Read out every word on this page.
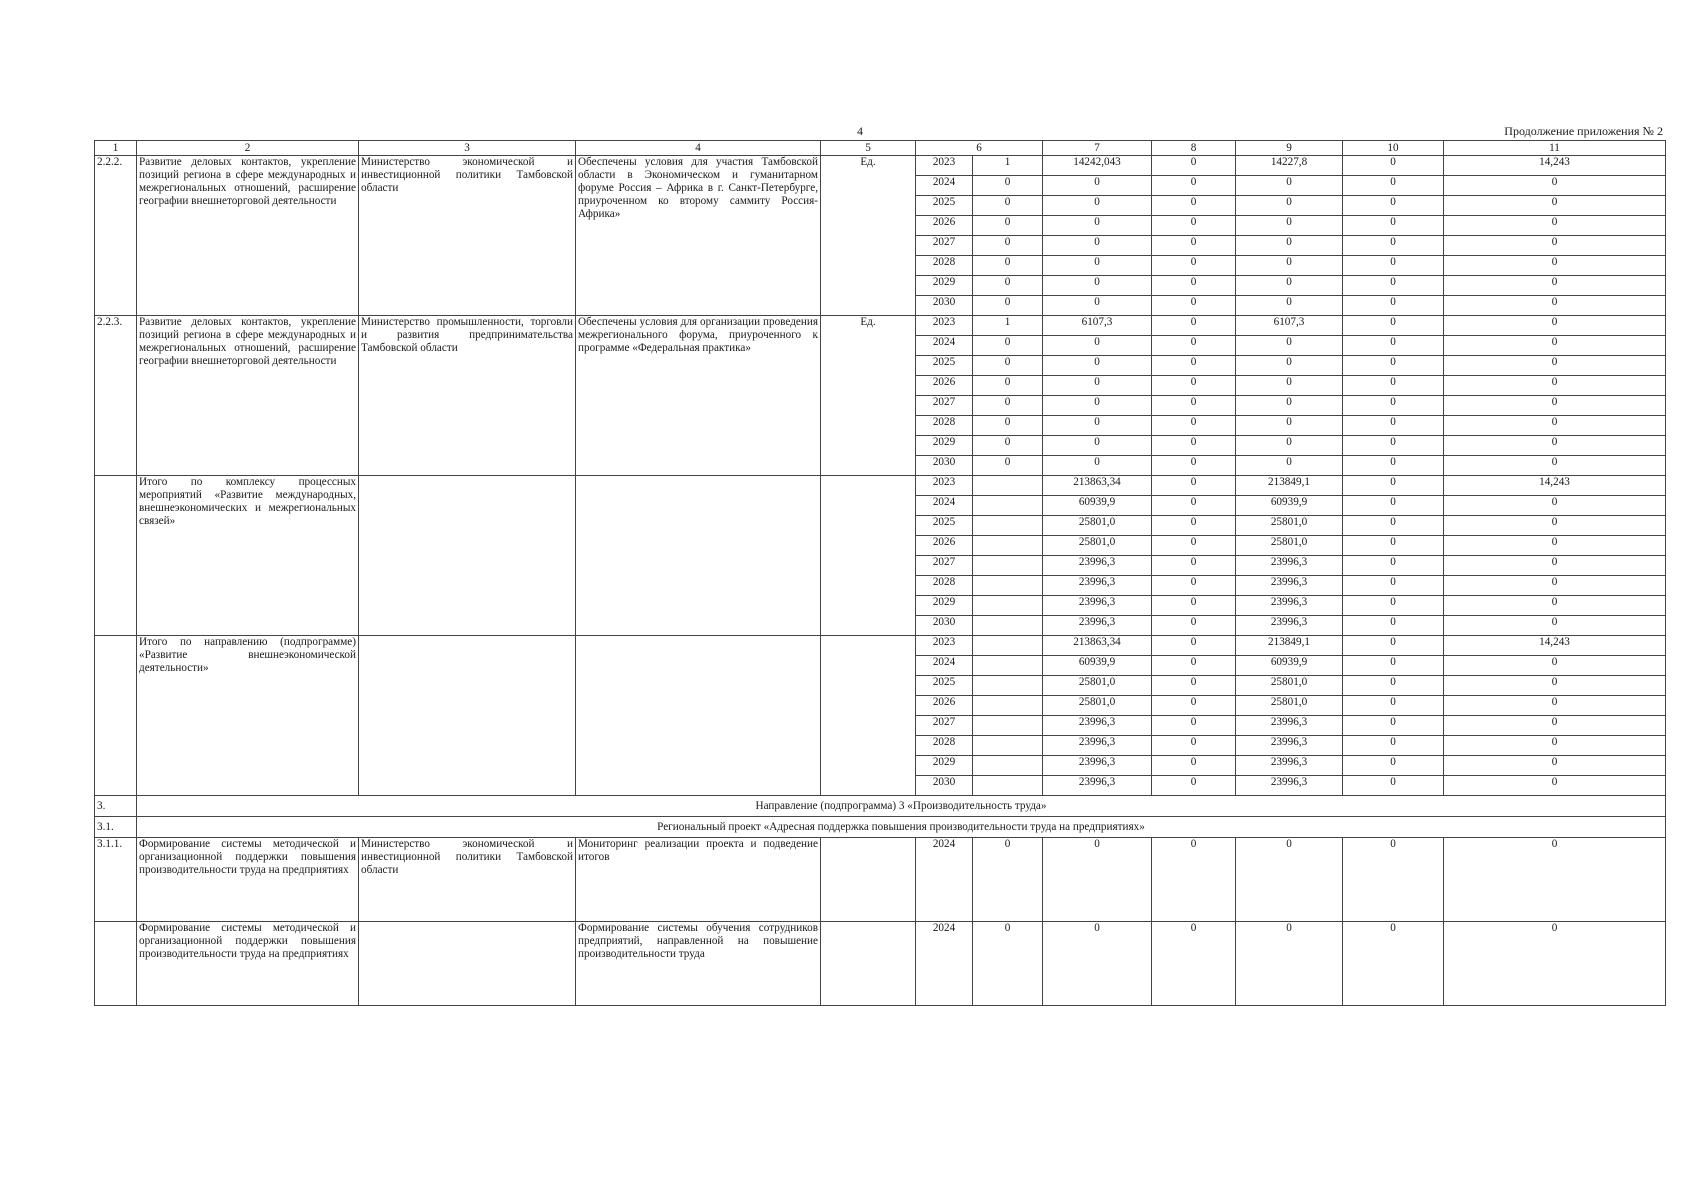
4	Продолжение приложения № 2
1	2	3	4	5	6		7	8	9	10	11
2.2.2.	Развитие деловых контактов, укрепление позиций региона в сфере международных и межрегиональных отношений, расширение географии внешнеторговой деятельности	Министерство экономической и инвестиционной политики Тамбовской области	Обеспечены условия для участия Тамбовской области в Экономическом и гуманитарном форуме Россия – Африка в г. Санкт-Петербурге, приуроченном ко второму саммиту Россия-Африка»	Ед.	2023	1	14242,043	0	14227,8	0	14,243
					2024	0	0	0	0	0	0
					2025	0	0	0	0	0	0
					2026	0	0	0	0	0	0
					2027	0	0	0	0	0	0
					2028	0	0	0	0	0	0
					2029	0	0	0	0	0	0
					2030	0	0	0	0	0	0
2.2.3.	Развитие деловых контактов, укрепление позиций региона в сфере международных и межрегиональных отношений, расширение географии внешнеторговой деятельности	Министерство промышленности, торговли и развития предпринимательства Тамбовской области	Обеспечены условия для организации проведения межрегионального форума, приуроченного к программе «Федеральная практика»	Ед.	2023	1	6107,3	0	6107,3	0	0
					2024	0	0	0	0	0	0
					2025	0	0	0	0	0	0
					2026	0	0	0	0	0	0
					2027	0	0	0	0	0	0
					2028	0	0	0	0	0	0
					2029	0	0	0	0	0	0
					2030	0	0	0	0	0	0
	Итого по комплексу процессных мероприятий «Развитие международных, внешнеэкономических и межрегиональных связей»				2023		213863,34	0	213849,1	0	14,243
					2024		60939,9	0	60939,9	0	0
					2025		25801,0	0	25801,0	0	0
					2026		25801,0	0	25801,0	0	0
					2027		23996,3	0	23996,3	0	0
					2028		23996,3	0	23996,3	0	0
					2029		23996,3	0	23996,3	0	0
					2030		23996,3	0	23996,3	0	0
	Итого по направлению (подпрограмме) «Развитие внешнеэкономической деятельности»				2023		213863,34	0	213849,1	0	14,243
					2024		60939,9	0	60939,9	0	0
					2025		25801,0	0	25801,0	0	0
					2026		25801,0	0	25801,0	0	0
					2027		23996,3	0	23996,3	0	0
					2028		23996,3	0	23996,3	0	0
					2029		23996,3	0	23996,3	0	0
					2030		23996,3	0	23996,3	0	0
3.	Направление (подпрограмма) 3 «Производительность труда»										
3.1.	Региональный проект «Адресная поддержка повышения производительности труда на предприятиях»										
3.1.1.	Формирование системы методической и организационной поддержки повышения производительности труда на предприятиях	Министерство экономической и инвестиционной политики Тамбовской области	Мониторинг реализации проекта и подведение итогов		2024	0	0	0	0	0	0
	Формирование системы методической и организационной поддержки повышения производительности труда на предприятиях		Формирование системы обучения сотрудников предприятий, направленной на повышение производительности труда		2024	0	0	0	0	0	0
